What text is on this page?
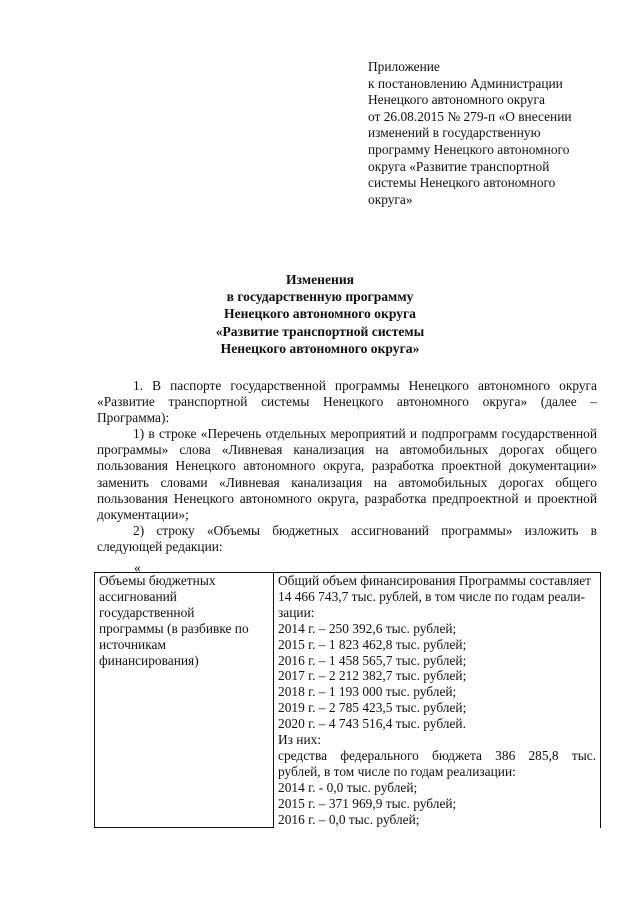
Приложение
к постановлению Администрации
Ненецкого автономного округа
от 26.08.2015 № 279-п «О внесении
изменений в государственную
программу Ненецкого автономного
округа «Развитие транспортной
системы Ненецкого автономного
округа»
Изменения
в государственную программу
Ненецкого автономного округа
«Развитие транспортной системы
Ненецкого автономного округа»

1. В паспорте государственной программы Ненецкого автономного округа «Развитие транспортной системы Ненецкого автономного округа» (далее – Программа):

1) в строке «Перечень отдельных мероприятий и подпрограмм государственной программы» слова «Ливневая канализация на автомобильных дорогах общего пользования Ненецкого автономного округа, разработка проектной документации» заменить словами «Ливневая канализация на автомобильных дорогах общего пользования Ненецкого автономного округа, разработка предпроектной и проектной документации»;

2) строку «Объемы бюджетных ассигнований программы» изложить в следующей редакции:

«
Объемы бюджетных
ассигнований
государственной
программы (в разбивке по
источникам
финансирования)

Общий объем финансирования Программы составляет
14 466 743,7 тыс. рублей, в том числе по годам реали-
зации:
2014 г. – 250 392,6 тыс. рублей;
2015 г. – 1 823 462,8 тыс. рублей;
2016 г. – 1 458 565,7 тыс. рублей;
2017 г. – 2 212 382,7 тыс. рублей;
2018 г. – 1 193 000 тыс. рублей;
2019 г. – 2 785 423,5 тыс. рублей;
2020 г. – 4 743 516,4 тыс. рублей.
Из них:
средства федерального бюджета 386 285,8 тыс.
рублей, в том числе по годам реализации:
2014 г. - 0,0 тыс. рублей;
2015 г. – 371 969,9 тыс. рублей;
2016 г. – 0,0 тыс. рублей;
